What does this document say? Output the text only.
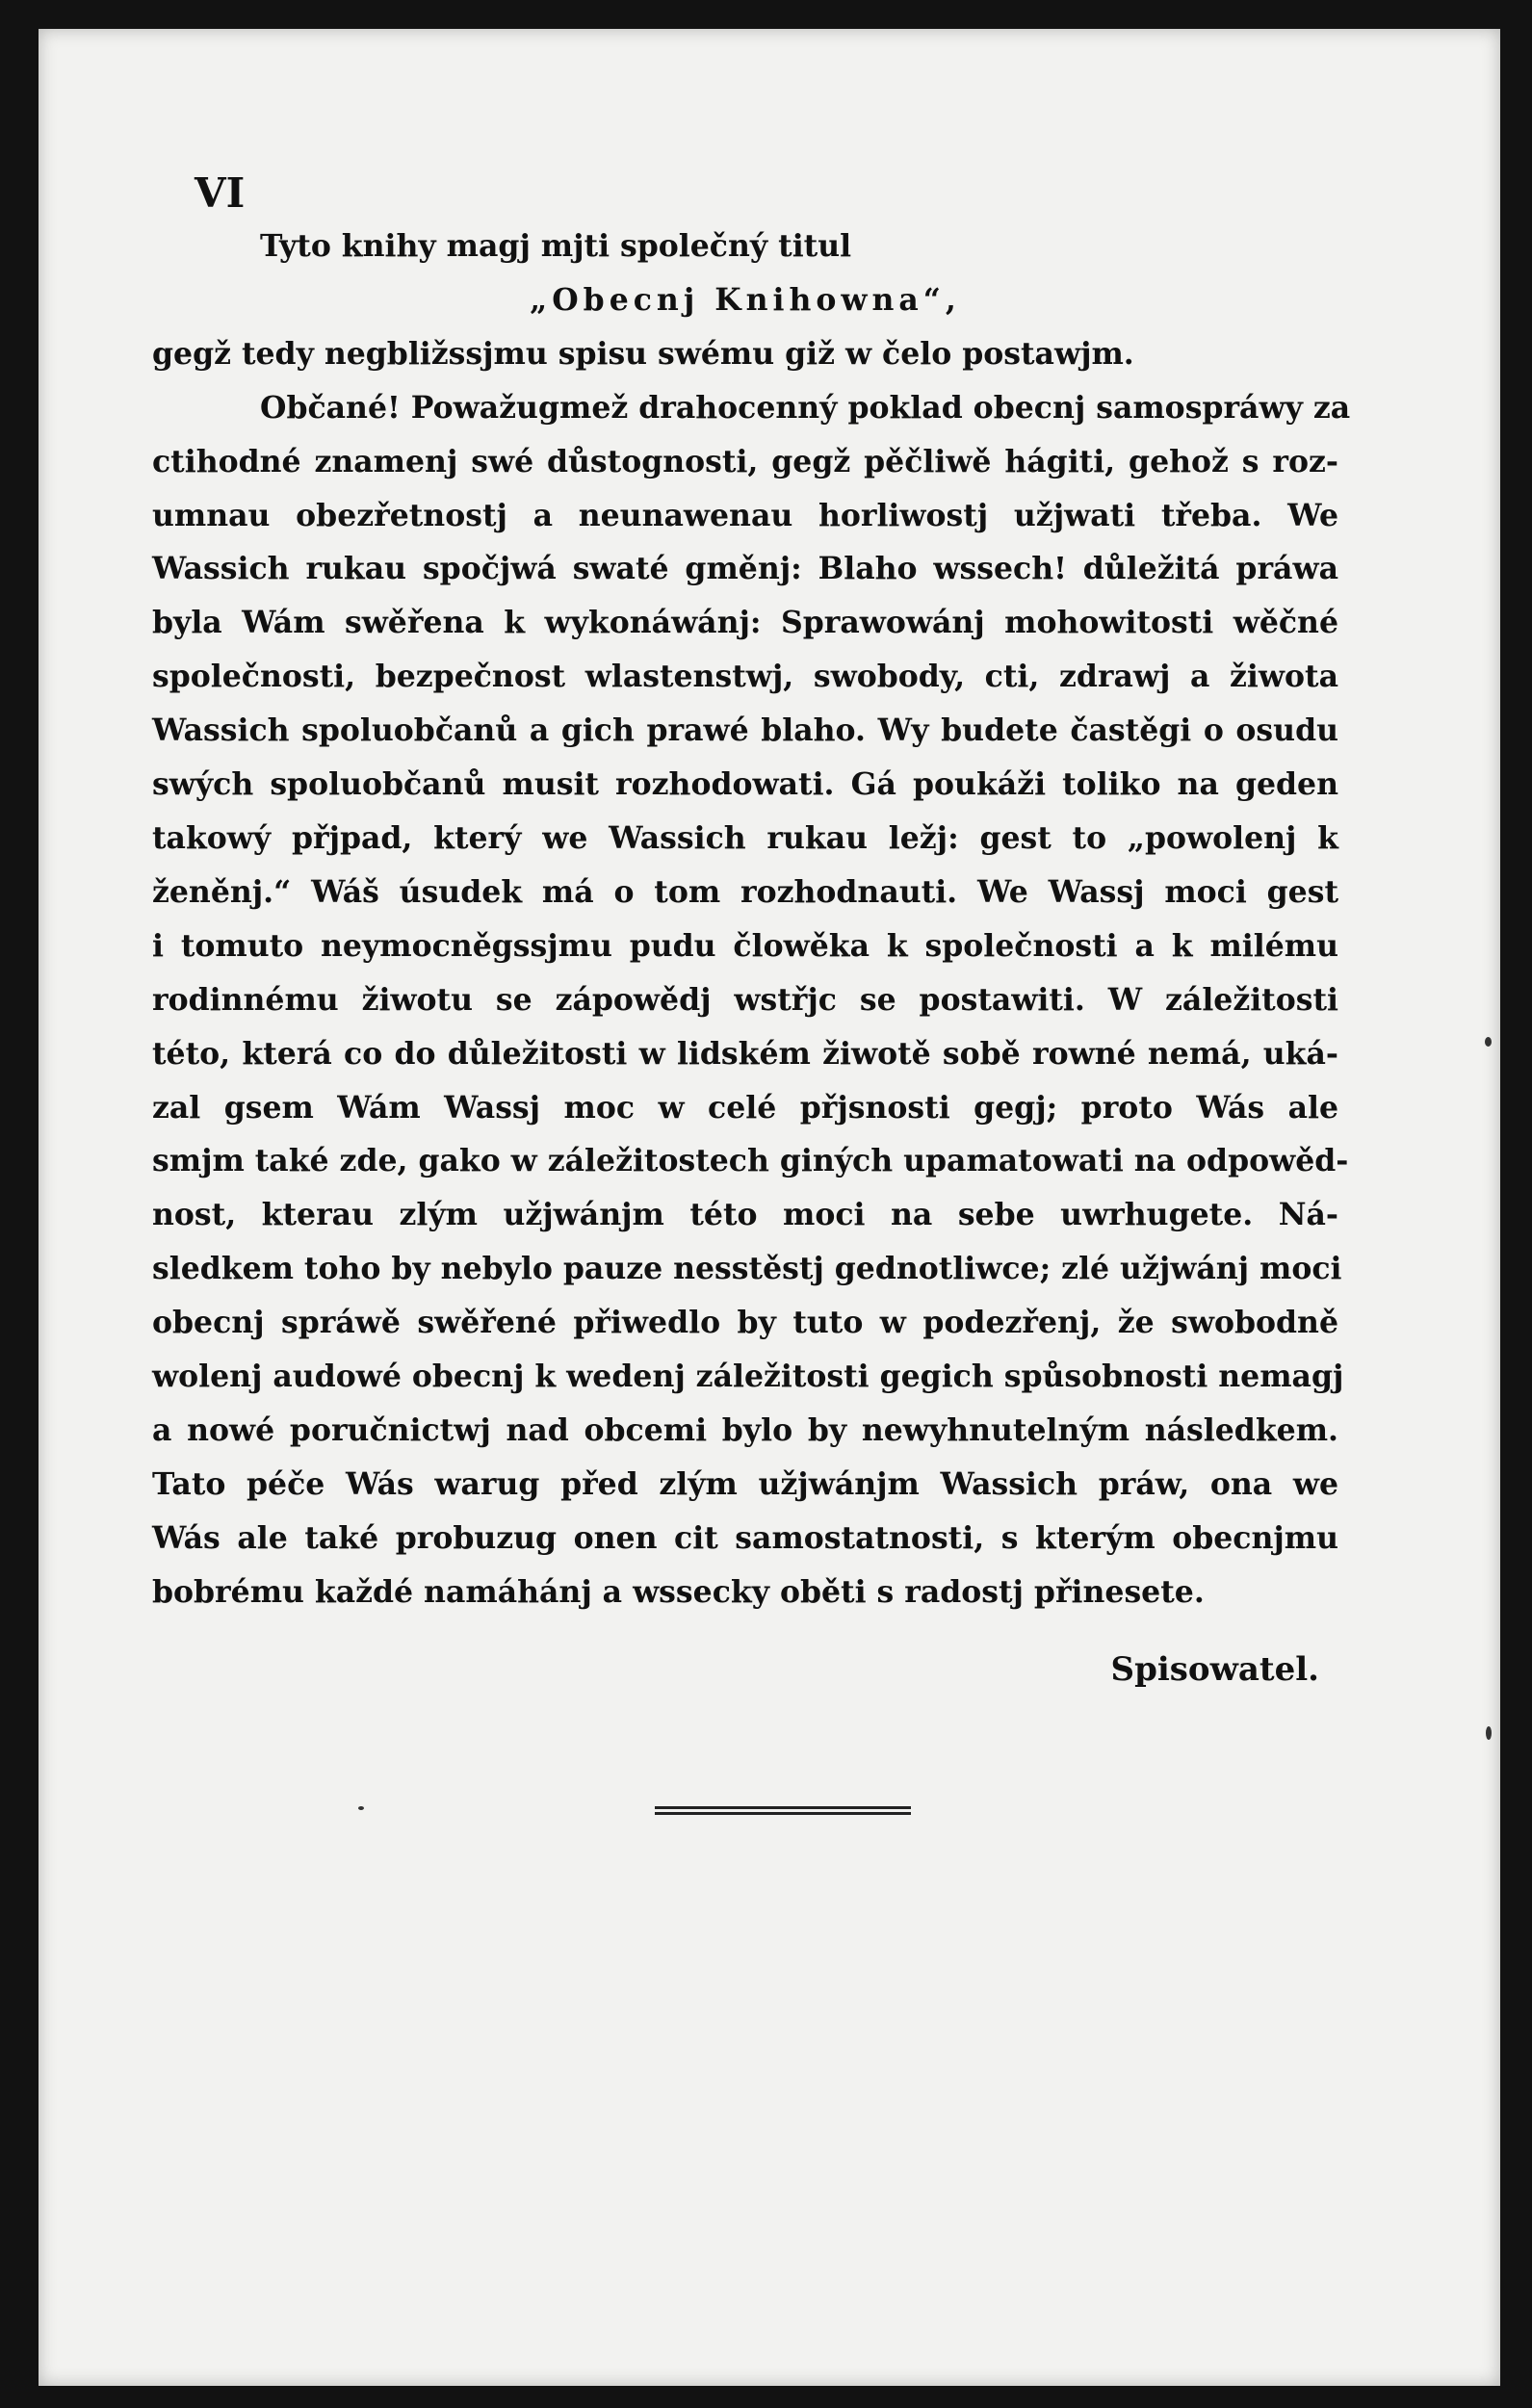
VI

Tyto knihy magj mjti společný titul
„Obecnj Knihowna“,
gegž tedy negbližssjmu spisu swému giž w čelo postawjm.
Občané! Powažugmež drahocenný poklad obecnj samospráwy za
ctihodné znamenj swé důstognosti, gegž pěčliwě hágiti, gehož s roz-
umnau obezřetnostj a neunawenau horliwostj užjwati třeba. We
Wassich rukau spočjwá swaté gměnj: Blaho wssech! důležitá práwa
byla Wám swěřena k wykonáwánj: Sprawowánj mohowitosti wěčné
společnosti, bezpečnost wlastenstwj, swobody, cti, zdrawj a žiwota
Wassich spoluobčanů a gich prawé blaho. Wy budete častěgi o osudu
swých spoluobčanů musit rozhodowati. Gá poukáži toliko na geden
takowý přjpad, který we Wassich rukau ležj: gest to „powolenj k
ženěnj.“ Wáš úsudek má o tom rozhodnauti. We Wassj moci gest
i tomuto neymocněgssjmu pudu člowěka k společnosti a k milému
rodinnému žiwotu se zápowědj wstřjc se postawiti. W záležitosti
této, která co do důležitosti w lidském žiwotě sobě rowné nemá, uká-
zal gsem Wám Wassj moc w celé přjsnosti gegj; proto Wás ale
smjm také zde, gako w záležitostech giných upamatowati na odpowěd-
nost, kterau zlým užjwánjm této moci na sebe uwrhugete. Ná-
sledkem toho by nebylo pauze nesstěstj gednotliwce; zlé užjwánj moci
obecnj spráwě swěřené přiwedlo by tuto w podezřenj, že swobodně
wolenj audowé obecnj k wedenj záležitosti gegich spůsobnosti nemagj
a nowé poručnictwj nad obcemi bylo by newyhnutelným následkem.
Tato péče Wás warug před zlým užjwánjm Wassich práw, ona we
Wás ale také probuzug onen cit samostatnosti, s kterým obecnjmu
bobrému každé namáhánj a wssecky oběti s radostj přinesete.

Spisowatel.
